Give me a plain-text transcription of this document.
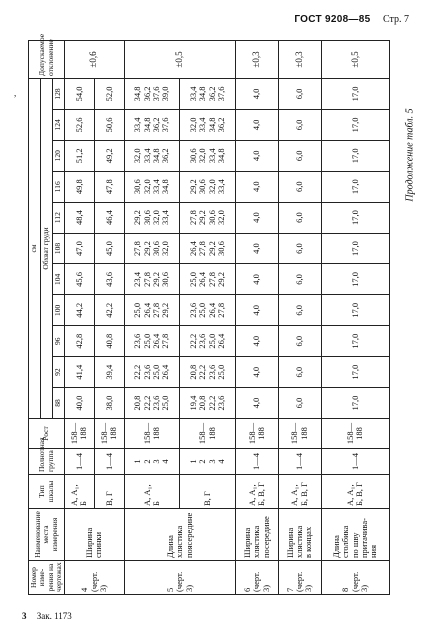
ГОСТ 9208—85 Стр. 7
Продолжение табл. 5
,
Номер изме-
рения на
чертежах	Наименование
места
измерения	Тип шкалы	Полнотная
группа	Рост	см											Допускаемое
отклонение
					Обхват груди											
					88	92	96	100	104	108	112	116	120	124	128	
4
(черт.
3)	Ширина
спинки	А, А₁,
Б	1—4	158—
188	40,0	41,4	42,8	44,2	45,6	47,0	48,4	49,8	51,2	52,6	54,0	±0,6
		В, Г	1—4	158—
188	38,0	39,4	40,8	42,2	43,6	45,0	46,4	47,8	49,2	50,6	52,0	
5
(черт.
3)	Длина
хлястика
поясерединe	А, А₁,
Б	1
2
3
4	158—
188	20,8
22,2
23,6
25,0	22,2
23,6
25,0
26,4	23,6
25,0
26,4
27,8	25,0
26,4
27,8
29,2	23,4
27,8
29,2
30,6	27,8
29,2
30,6
32,0	29,2
30,6
32,0
33,4	30,6
32,0
33,4
34,8	32,0
33,4
34,8
36,2	33,4
34,8
36,2
37,6	34,8
36,2
37,6
39,0	±0,5
		В, Г	1
2
3
4	158—
188	19,4
20,8
22,2
23,6	20,8
22,2
23,6
25,0	22,2
23,6
25,0
26,4	23,6
25,0
26,4
27,8	25,0
26,4
27,8
29,2	26,4
27,8
29,2
30,6	27,8
29,2
30,6
32,0	29,2
30,6
32,0
33,4	30,6
32,0
33,4
34,8	32,0
33,4
34,8
36,2	33,4
34,8
36,2
37,6	
6
(черт.
3)	Ширина
хлястика
посередине	А, А₁,
Б, В, Г	1—4	158—
188	4,0	4,0	4,0	4,0	4,0	4,0	4,0	4,0	4,0	4,0	4,0	±0,3
7
(черт.
3)	Ширина
хлястика
в концах	А, А₁,
Б, В, Г	1—4	158—
188	6,0	6,0	6,0	6,0	6,0	6,0	6,0	6,0	6,0	6,0	6,0	±0,3
8
(черт.
3)	Длина
столбика
по шву
притачива-
ния	А, А₁,
Б, В, Г	1—4	158—
188	17,0	17,0	17,0	17,0	17,0	17,0	17,0	17,0	17,0	17,0	17,0	±0,5
3 Зак. 1173
